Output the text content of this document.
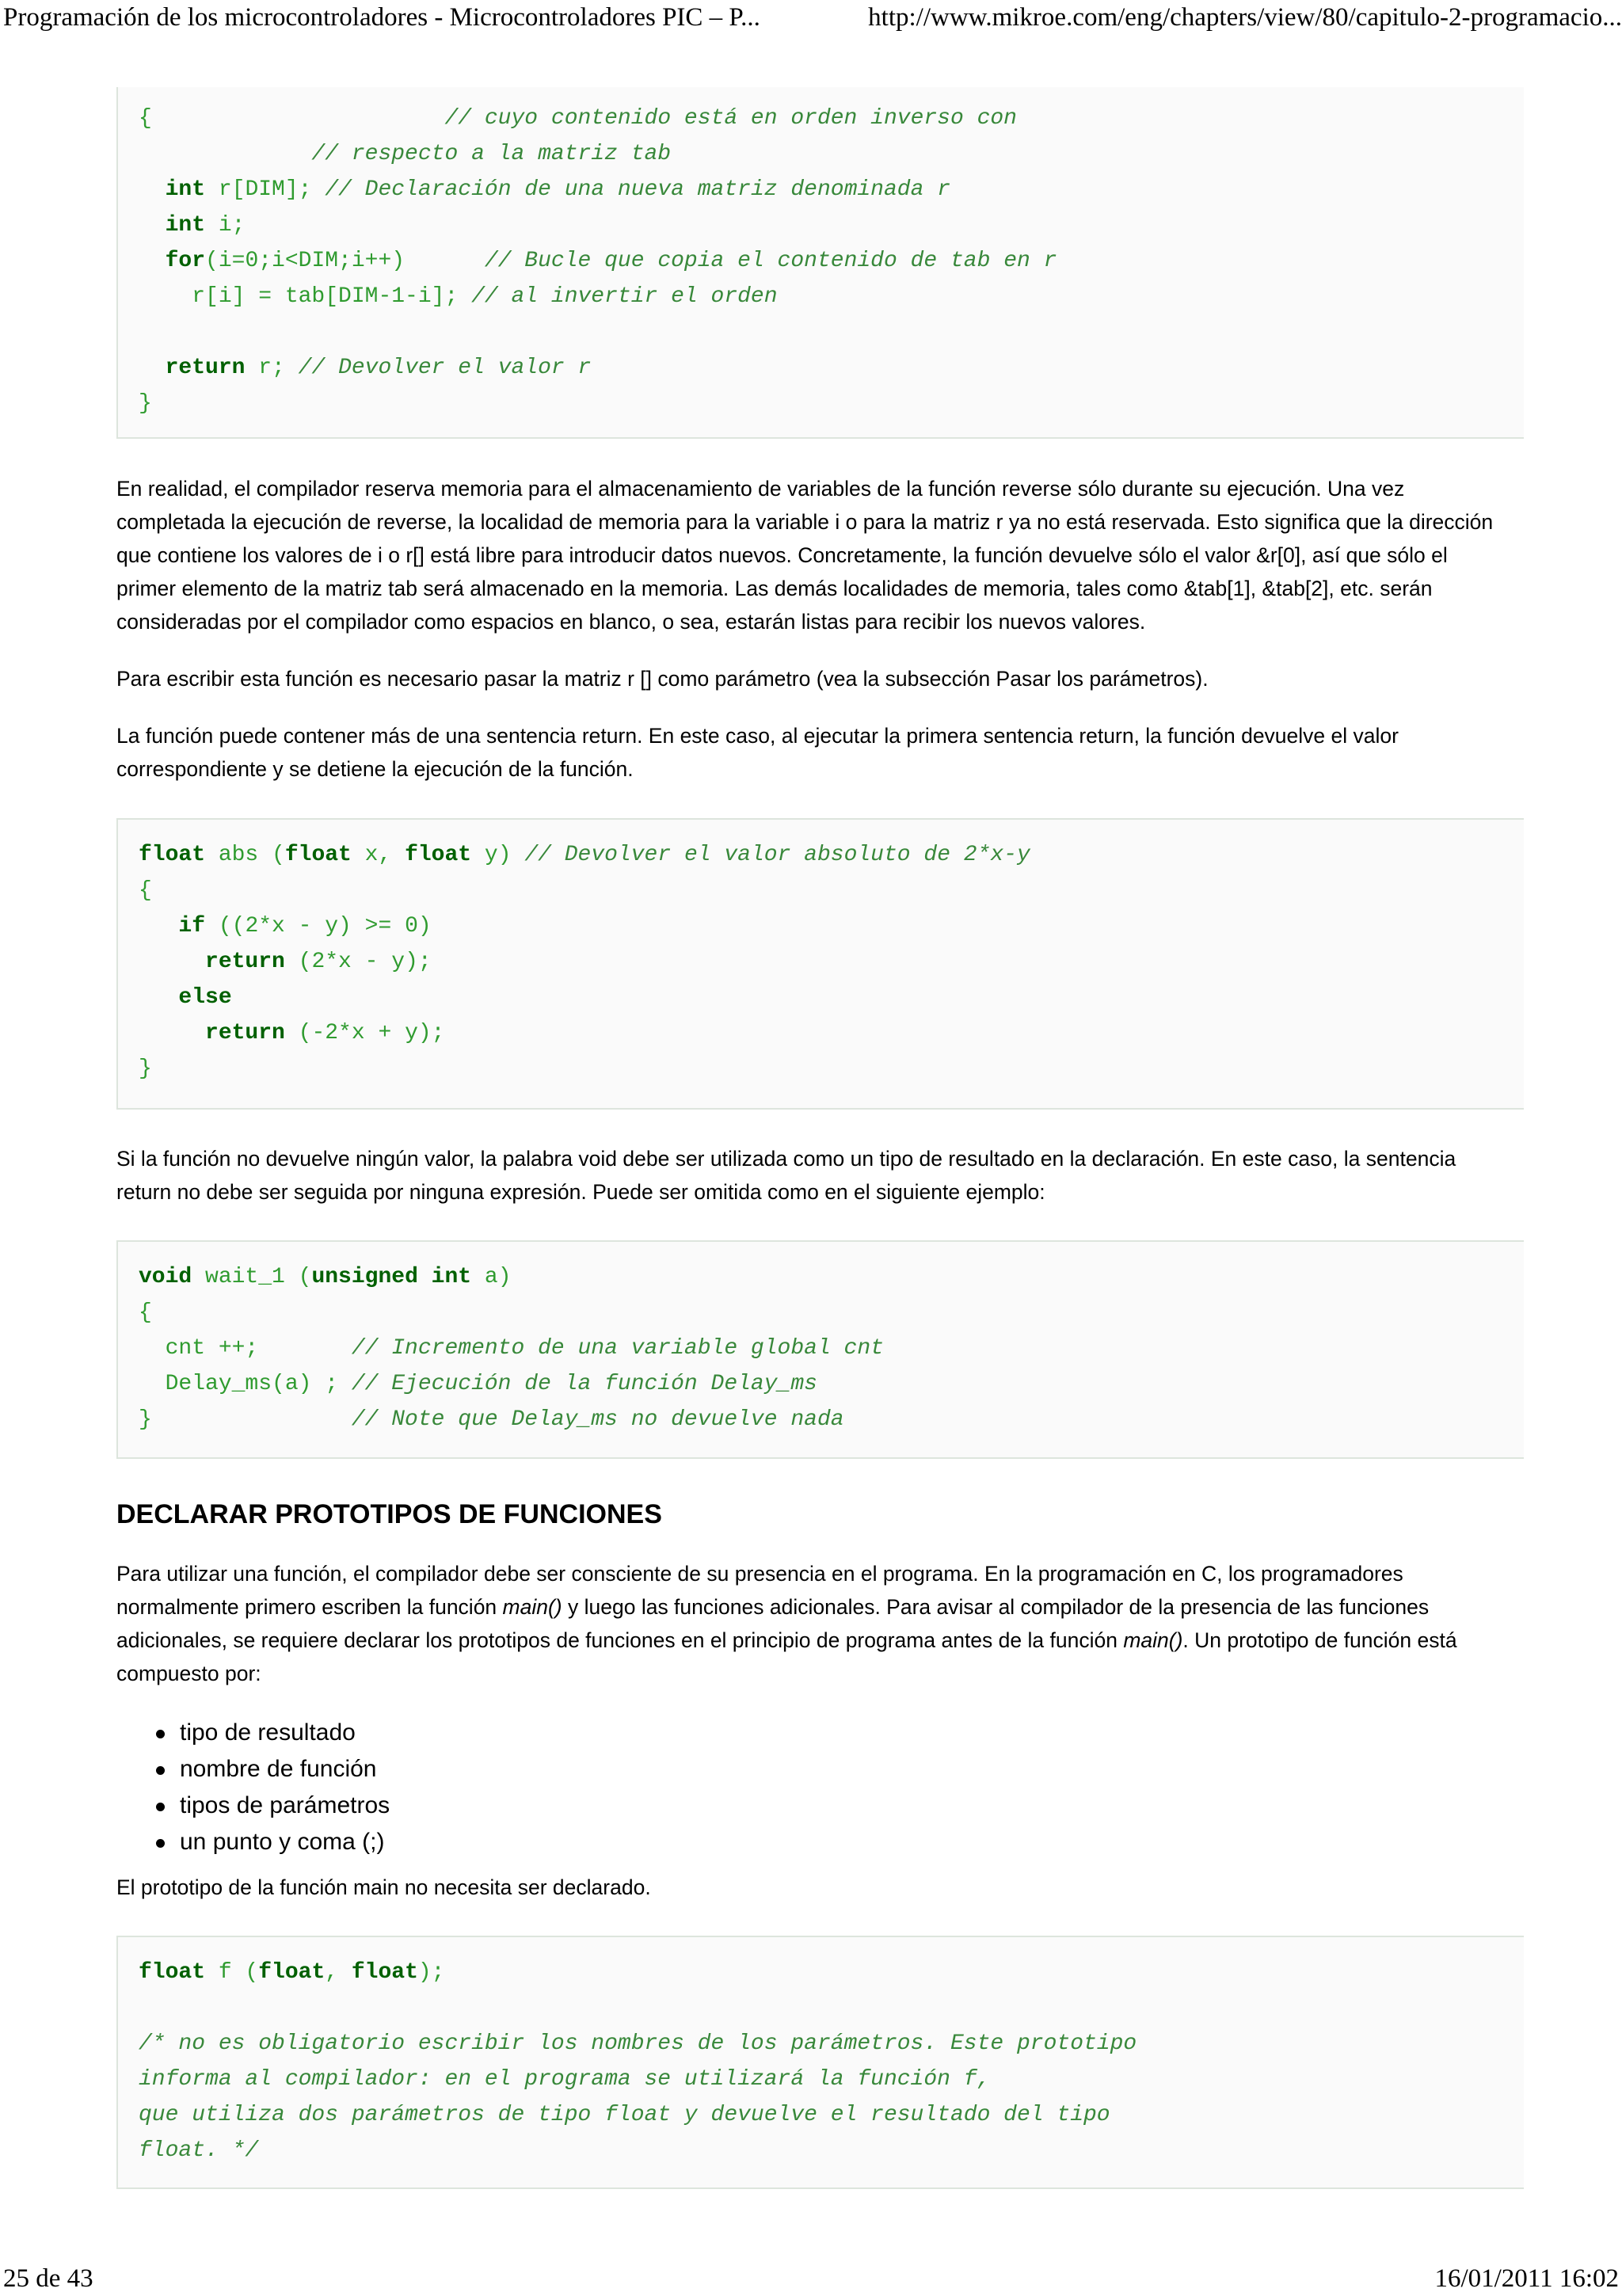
Programación de los microcontroladores - Microcontroladores PIC – P...	http://www.mikroe.com/eng/chapters/view/80/capitulo-2-programacio...
{                      // cuyo contenido está en orden inverso con
// respecto a la matriz tab
int r[DIM]; // Declaración de una nueva matriz denominada r
int i;
for(i=0;i<DIM;i++)      // Bucle que copia el contenido de tab en r
r[i] = tab[DIM-1-i]; // al invertir el orden
return r; // Devolver el valor r
}
En realidad, el compilador reserva memoria para el almacenamiento de variables de la función reverse sólo durante su ejecución. Una vez completada la ejecución de reverse, la localidad de memoria para la variable i o para la matriz r ya no está reservada. Esto significa que la dirección que contiene los valores de i o r[] está libre para introducir datos nuevos. Concretamente, la función devuelve sólo el valor &r[0], así que sólo el primer elemento de la matriz tab será almacenado en la memoria. Las demás localidades de memoria, tales como &tab[1], &tab[2], etc. serán consideradas por el compilador como espacios en blanco, o sea, estarán listas para recibir los nuevos valores.
Para escribir esta función es necesario pasar la matriz r [] como parámetro (vea la subsección Pasar los parámetros).
La función puede contener más de una sentencia return. En este caso, al ejecutar la primera sentencia return, la función devuelve el valor correspondiente y se detiene la ejecución de la función.
float abs (float x, float y) // Devolver el valor absoluto de 2*x-y
{
if ((2*x - y) >= 0)
return (2*x - y);
else
return (-2*x + y);
}
Si la función no devuelve ningún valor, la palabra void debe ser utilizada como un tipo de resultado en la declaración. En este caso, la sentencia return no debe ser seguida por ninguna expresión. Puede ser omitida como en el siguiente ejemplo:
void wait_1 (unsigned int a)
{
cnt ++;       // Incremento de una variable global cnt
Delay_ms(a) ; // Ejecución de la función Delay_ms
}               // Note que Delay_ms no devuelve nada
DECLARAR PROTOTIPOS DE FUNCIONES
Para utilizar una función, el compilador debe ser consciente de su presencia en el programa. En la programación en C, los programadores normalmente primero escriben la función main() y luego las funciones adicionales. Para avisar al compilador de la presencia de las funciones adicionales, se requiere declarar los prototipos de funciones en el principio de programa antes de la función main(). Un prototipo de función está compuesto por:
tipo de resultado
nombre de función
tipos de parámetros
un punto y coma (;)
El prototipo de la función main no necesita ser declarado.
float f (float, float);
/* no es obligatorio escribir los nombres de los parámetros. Este prototipo
informa al compilador: en el programa se utilizará la función f,
que utiliza dos parámetros de tipo float y devuelve el resultado del tipo
float. */
25 de 43	16/01/2011 16:02
